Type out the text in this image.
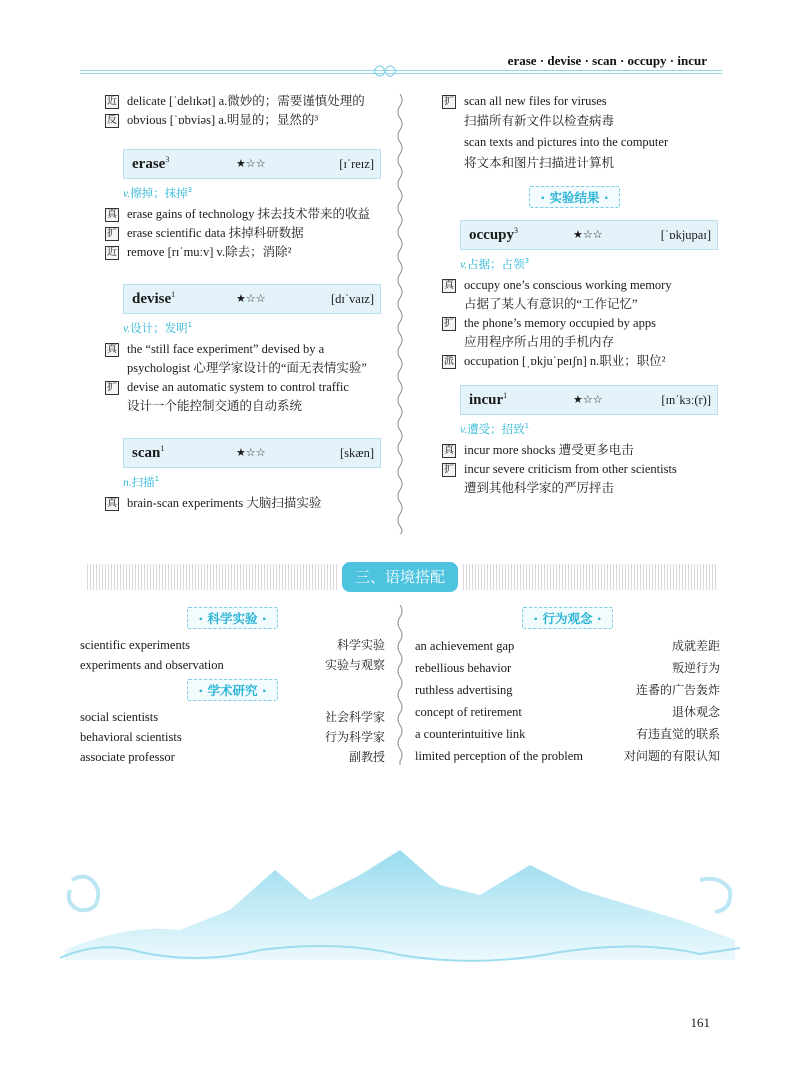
erase · devise · scan · occupy · incur
近 delicate [ˈdelɪkət] a.微妙的；需要谨慎处理的
反 obvious [ˈɒbviəs] a.明显的；显然的³
erase$^3$	★☆☆	[ɪˈreɪz]
v.擦掉；抹掉$^3$
真 erase gains of technology 抹去技术带来的收益
扩 erase scientific data 抹掉科研数据
近 remove [rɪˈmuːv] v.除去；消除²
devise$^1$	★☆☆	[dɪˈvaɪz]
v.设计；发明$^1$
真 the “still face experiment” devised by a psychologist 心理学家设计的“面无表情实验”
扩 devise an automatic system to control traffic
设计一个能控制交通的自动系统
scan$^1$	★☆☆	[skæn]
n.扫描$^1$
真 brain-scan experiments 大脑扫描实验
扩 scan all new files for viruses
扫描所有新文件以检查病毒
scan texts and pictures into the computer
将文本和图片扫描进计算机
· 实验结果 ·
occupy$^3$	★☆☆	[ˈɒkjupaɪ]
v.占据；占领$^3$
真 occupy one’s conscious working memory
占据了某人有意识的“工作记忆”
扩 the phone’s memory occupied by apps
应用程序所占用的手机内存
派 occupation [ˌɒkjuˈpeɪʃn] n.职业；职位²
incur$^1$	★☆☆	[ɪnˈkɜː(r)]
v.遭受；招致$^1$
真 incur more shocks 遭受更多电击
扩 incur severe criticism from other scientists
遭到其他科学家的严厉抨击
三、语境搭配
· 科学实验 ·
scientific experiments	科学实验
experiments and observation	实验与观察
· 学术研究 ·
social scientists	社会科学家
behavioral scientists	行为科学家
associate professor	副教授
· 行为观念 ·
an achievement gap	成就差距
rebellious behavior	叛逆行为
ruthless advertising	连番的广告轰炸
concept of retirement	退休观念
a counterintuitive link	有违直觉的联系
limited perception of the problem	对问题的有限认知
161
